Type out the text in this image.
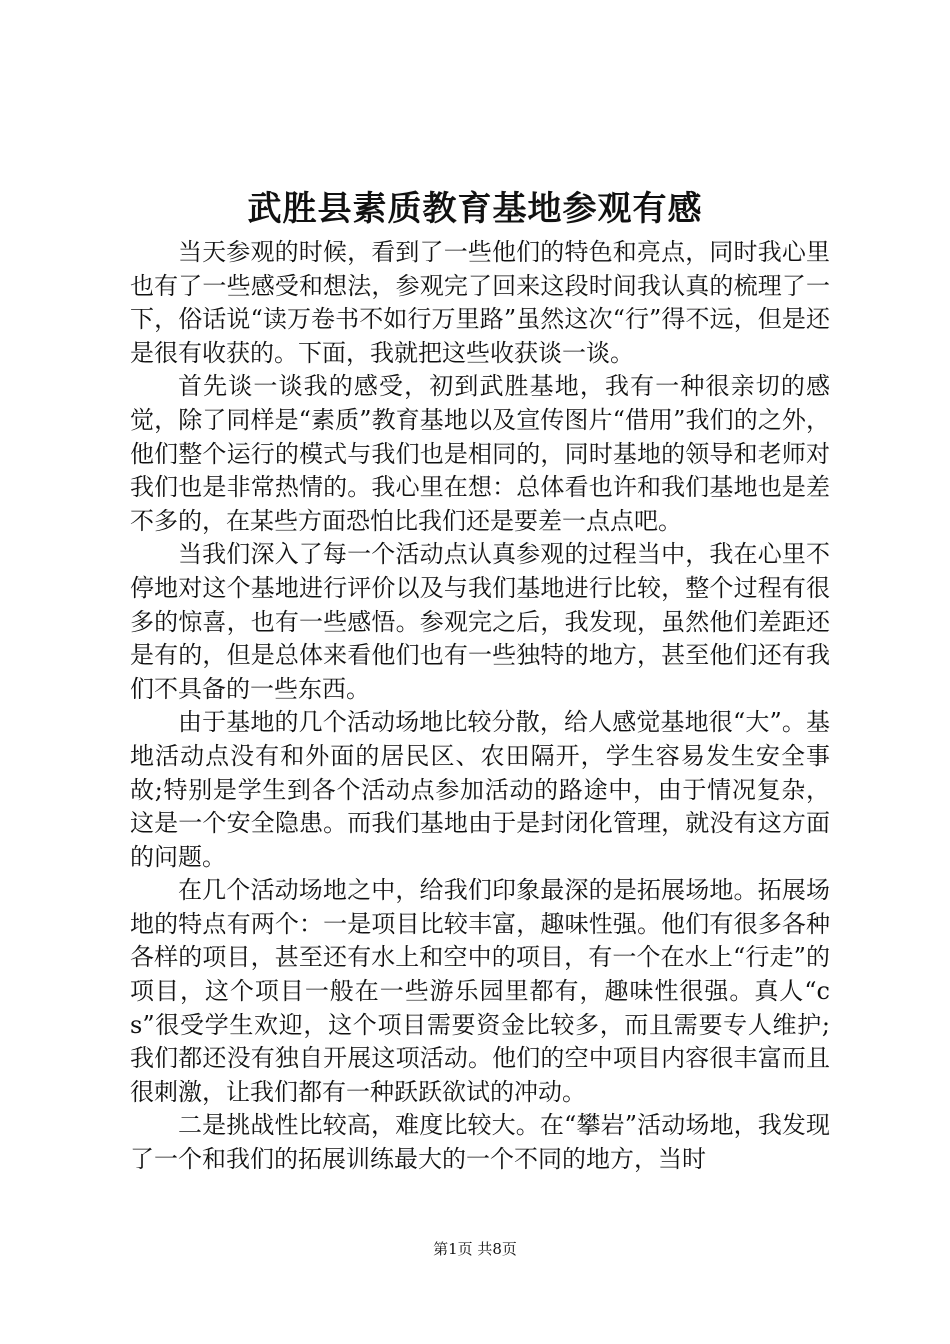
武胜县素质教育基地参观有感

当天参观的时候，看到了一些他们的特色和亮点，同时我心里也有了一些感受和想法，参观完了回来这段时间我认真的梳理了一下，俗话说“读万卷书不如行万里路”虽然这次“行”得不远，但是还是很有收获的。下面，我就把这些收获谈一谈。

首先谈一谈我的感受，初到武胜基地，我有一种很亲切的感觉，除了同样是“素质”教育基地以及宣传图片“借用”我们的之外，他们整个运行的模式与我们也是相同的，同时基地的领导和老师对我们也是非常热情的。我心里在想：总体看也许和我们基地也是差不多的，在某些方面恐怕比我们还是要差一点点吧。

当我们深入了每一个活动点认真参观的过程当中，我在心里不停地对这个基地进行评价以及与我们基地进行比较，整个过程有很多的惊喜，也有一些感悟。参观完之后，我发现，虽然他们差距还是有的，但是总体来看他们也有一些独特的地方，甚至他们还有我们不具备的一些东西。

由于基地的几个活动场地比较分散，给人感觉基地很“大”。基地活动点没有和外面的居民区、农田隔开，学生容易发生安全事故;特别是学生到各个活动点参加活动的路途中，由于情况复杂，这是一个安全隐患。而我们基地由于是封闭化管理，就没有这方面的问题。

在几个活动场地之中，给我们印象最深的是拓展场地。拓展场地的特点有两个：一是项目比较丰富，趣味性强。他们有很多各种各样的项目，甚至还有水上和空中的项目，有一个在水上“行走”的项目，这个项目一般在一些游乐园里都有，趣味性很强。真人“cs”很受学生欢迎，这个项目需要资金比较多，而且需要专人维护;我们都还没有独自开展这项活动。他们的空中项目内容很丰富而且很刺激，让我们都有一种跃跃欲试的冲动。

二是挑战性比较高，难度比较大。在“攀岩”活动场地，我发现了一个和我们的拓展训练最大的一个不同的地方，当时

第1页 共8页
